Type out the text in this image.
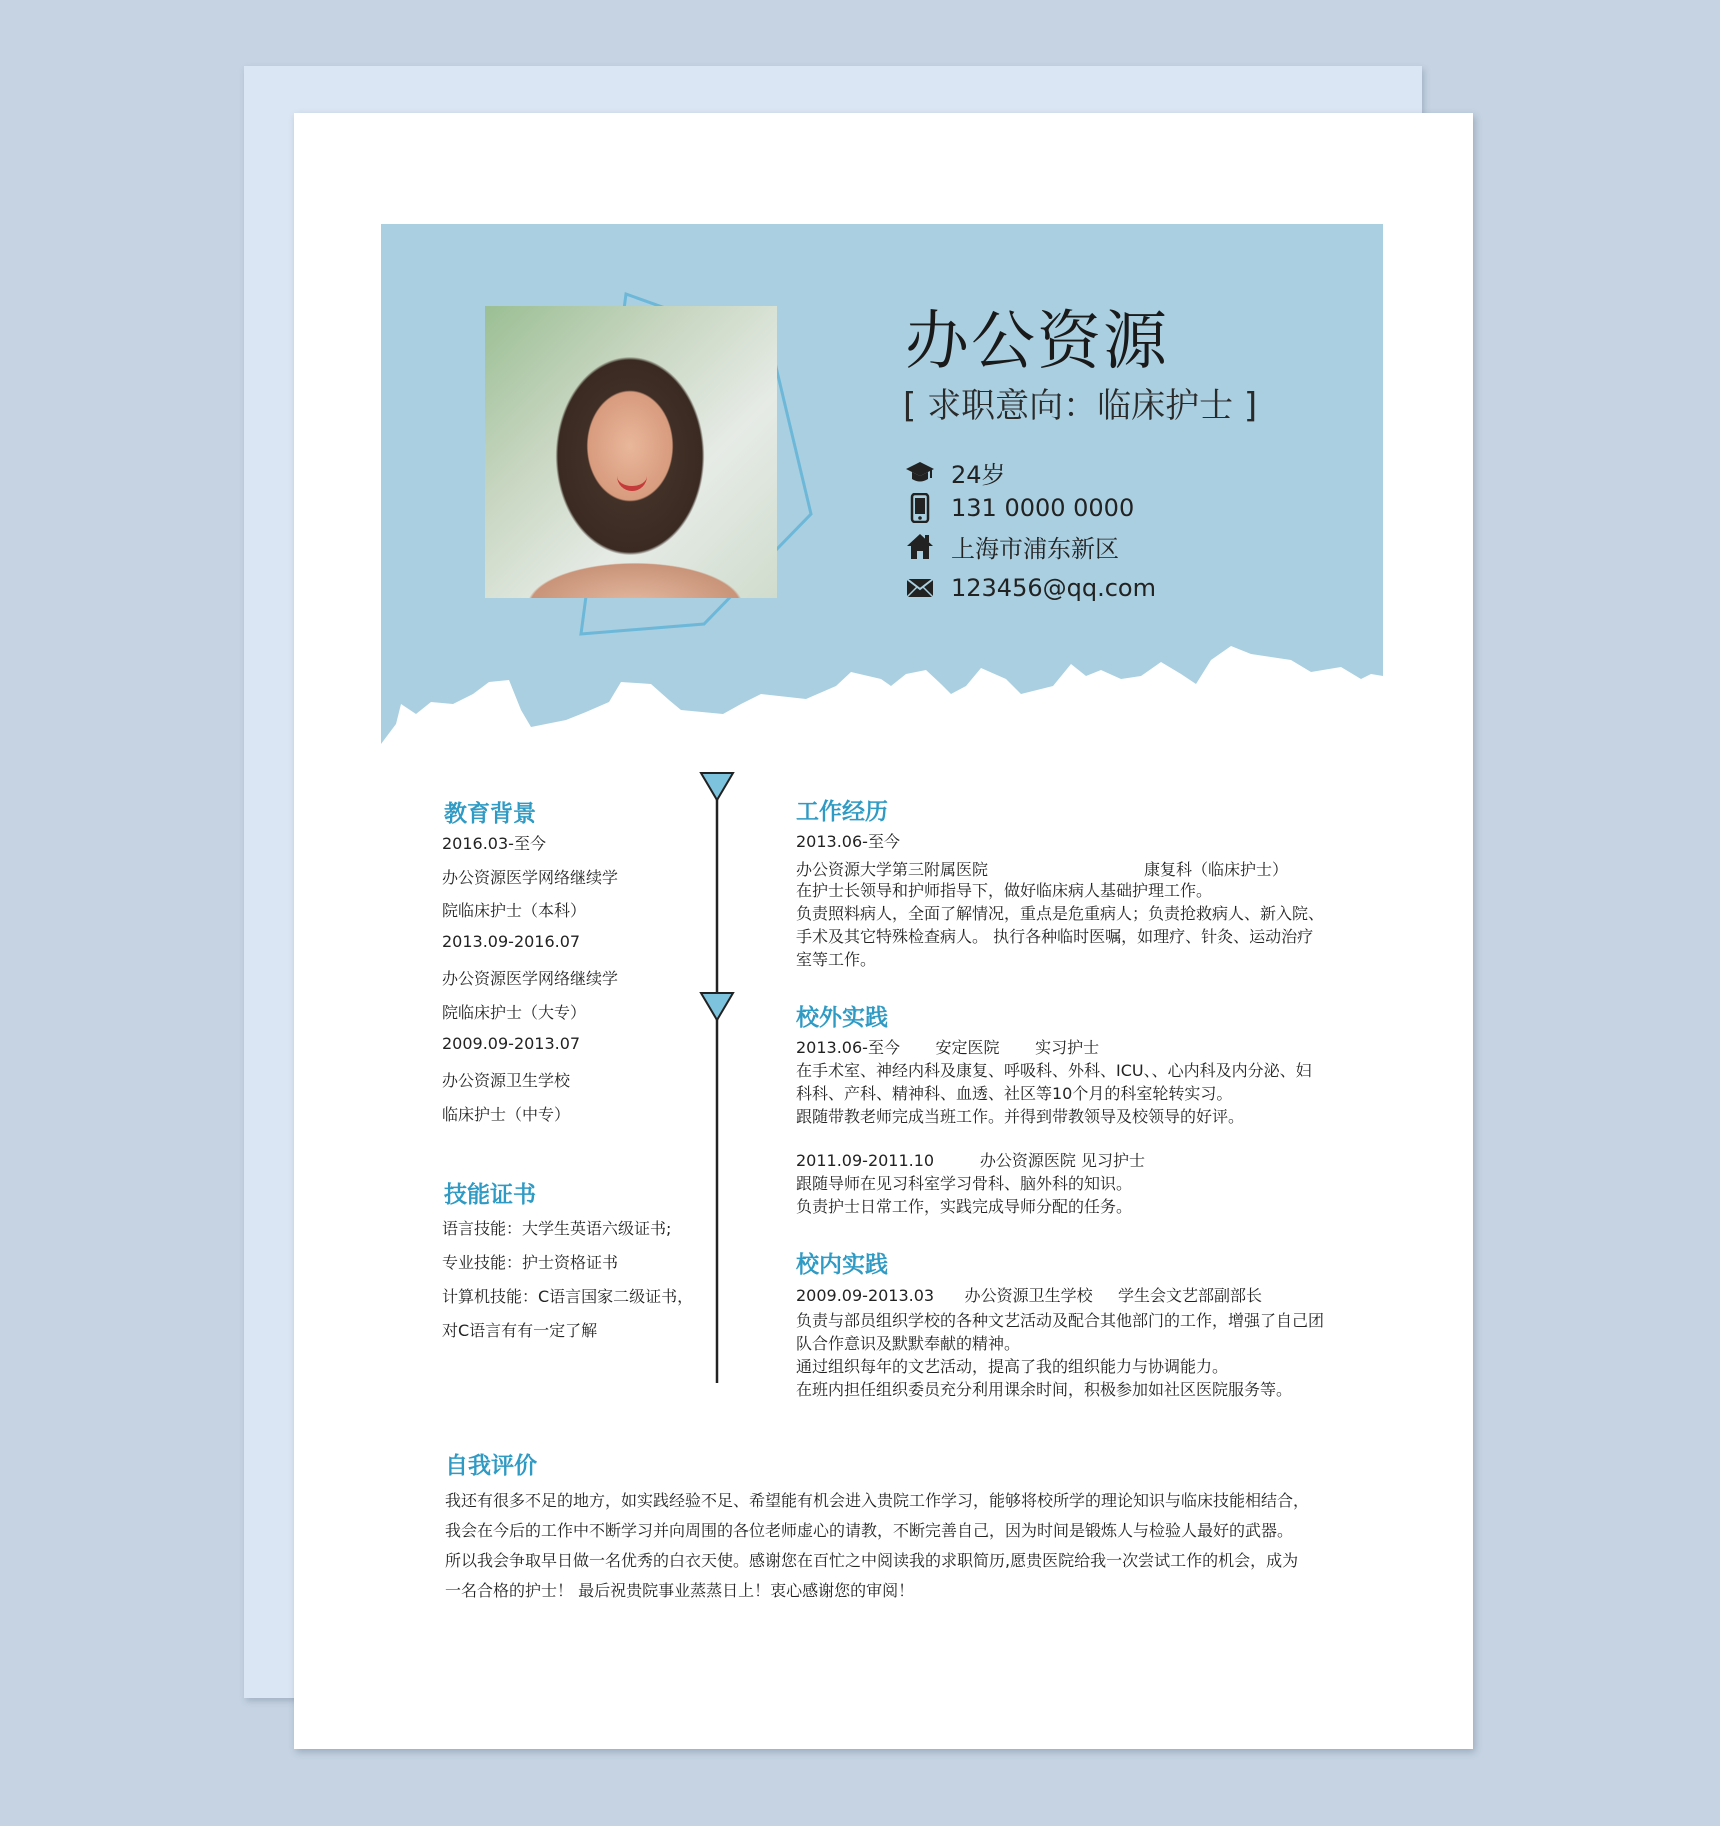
办公资源
[ 求职意向：临床护士 ]
24岁
131 0000 0000
上海市浦东新区
123456@qq.com
教育背景
2016.03-至今
办公资源医学网络继续学
院临床护士（本科）
2013.09-2016.07
办公资源医学网络继续学
院临床护士（大专）
2009.09-2013.07
办公资源卫生学校
临床护士（中专）
技能证书
语言技能：大学生英语六级证书;
专业技能：护士资格证书
计算机技能：C语言国家二级证书，
对C语言有有一定了解
工作经历
2013.06-至今
办公资源大学第三附属医院	康复科（临床护士）
在护士长领导和护师指导下，做好临床病人基础护理工作。
负责照料病人，全面了解情况，重点是危重病人；负责抢救病人、新入院、
手术及其它特殊检查病人。 执行各种临时医嘱，如理疗、针灸、运动治疗
室等工作。
校外实践
2013.06-至今       安定医院       实习护士
在手术室、神经内科及康复、呼吸科、外科、ICU、、心内科及内分泌、妇
科科、产科、精神科、血透、社区等10个月的科室轮转实习。
跟随带教老师完成当班工作。并得到带教领导及校领导的好评。
2011.09-2011.10         办公资源医院 见习护士
跟随导师在见习科室学习骨科、脑外科的知识。
负责护士日常工作，实践完成导师分配的任务。
校内实践
2009.09-2013.03      办公资源卫生学校     学生会文艺部副部长
负责与部员组织学校的各种文艺活动及配合其他部门的工作，增强了自己团
队合作意识及默默奉献的精神。
通过组织每年的文艺活动，提高了我的组织能力与协调能力。
在班内担任组织委员充分利用课余时间，积极参加如社区医院服务等。
自我评价

我还有很多不足的地方，如实践经验不足、希望能有机会进入贵院工作学习，能够将校所学的理论知识与临床技能相结合，

我会在今后的工作中不断学习并向周围的各位老师虚心的请教，不断完善自己，因为时间是锻炼人与检验人最好的武器。

所以我会争取早日做一名优秀的白衣天使。感谢您在百忙之中阅读我的求职简历,愿贵医院给我一次尝试工作的机会，成为

一名合格的护士！ 最后祝贵院事业蒸蒸日上！衷心感谢您的审阅！
